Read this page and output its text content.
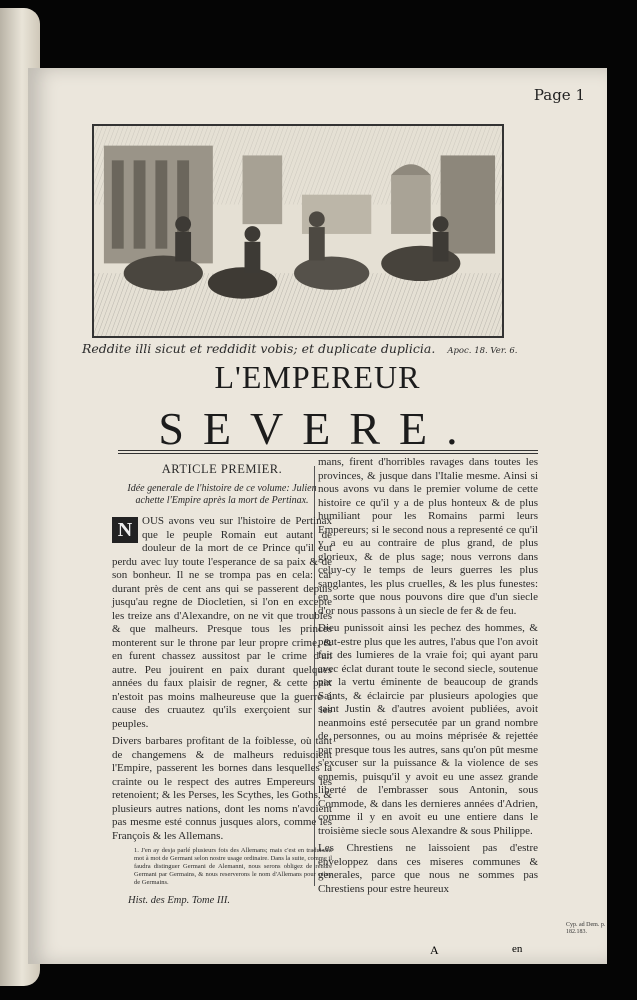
Page 1

Reddite illi sicut et reddidit vobis; et duplicate duplicia. Apoc. 18. Ver. 6.

L'EMPEREUR
SEVERE.
ARTICLE PREMIER.

Idée generale de l'histoire de ce volume: Julien achette l'Empire après la mort de Pertinax.

N OUS avons veu sur l'histoire de Pertinax que le peuple Romain eut autant de douleur de la mort de ce Prince qu'il eut perdu avec luy toute l'esperance de sa paix & de son bonheur. Il ne se trompa pas en cela: car durant près de cent ans qui se passerent depuis jusqu'au regne de Diocletien, si l'on en excepte les treize ans d'Alexandre, on ne vit que troubles & que malheurs. Presque tous les princes monterent sur le throne par leur propre crime, & en furent chassez aussitost par le crime d'un autre. Peu jouirent en paix durant quelques années du faux plaisir de regner, & cette paix n'estoit pas moins malheureuse que la guerre à cause des cruautez qu'ils exerçoient sur les peuples.

Divers barbares profitant de la foiblesse, où tant de changemens & de malheurs reduisoient l'Empire, passerent les bornes dans lesquelles la crainte ou le respect des autres Empereurs les retenoient; & les Perses, les Scythes, les Goths, & plusieurs autres nations, dont les noms n'avoient pas mesme esté connus jusques alors, comme les François & les Allemans.

1. J'en ay desja parlé plusieurs fois des Allemans; mais c'est en traduisant mot à mot de Germani selon nostre usage ordinaire. Dans la suite, comme il faudra distinguer Germani de Alemanni, nous serons obligez de rendre Germani par Germains, & nous reserverons le nom d'Allemans pour celuy de Germains.

Hist. des Emp. Tome III.

mans, firent d'horribles ravages dans toutes les provinces, & jusque dans l'Italie mesme. Ainsi si nous avons vu dans le premier volume de cette histoire ce qu'il y a de plus honteux & de plus humiliant pour les Romains parmi leurs Empereurs; si le second nous a representé ce qu'il y a eu au contraire de plus grand, de plus glorieux, & de plus sage; nous verrons dans celuy-cy le temps de leurs guerres les plus sanglantes, les plus cruelles, & les plus funestes: en sorte que nous pouvons dire que d'un siecle d'or nous passons à un siecle de fer & de feu.

Dieu punissoit ainsi les pechez des hommes, & peut-estre plus que les autres, l'abus que l'on avoit fait des lumieres de la vraie foi; qui ayant paru avec éclat durant toute le second siecle, soutenue par la vertu éminente de beaucoup de grands Saints, & éclaircie par plusieurs apologies que saint Justin & d'autres avoient publiées, avoit neanmoins esté persecutée par un grand nombre de personnes, ou au moins méprisée & rejettée par presque tous les autres, sans qu'on pût mesme s'excuser sur la puissance & la violence de ses ennemis, puisqu'il y avoit eu une assez grande liberté de l'embrasser sous Antonin, sous Commode, & dans les dernieres années d'Adrien, comme il y en avoit eu une entiere dans le troisième siecle sous Alexandre & sous Philippe.

Les Chrestiens ne laissoient pas d'estre enveloppez dans ces miseres communes & generales, parce que nous ne sommes pas Chrestiens pour estre heureux

Cyp. ad Dem. p. 182.183.

A	en
